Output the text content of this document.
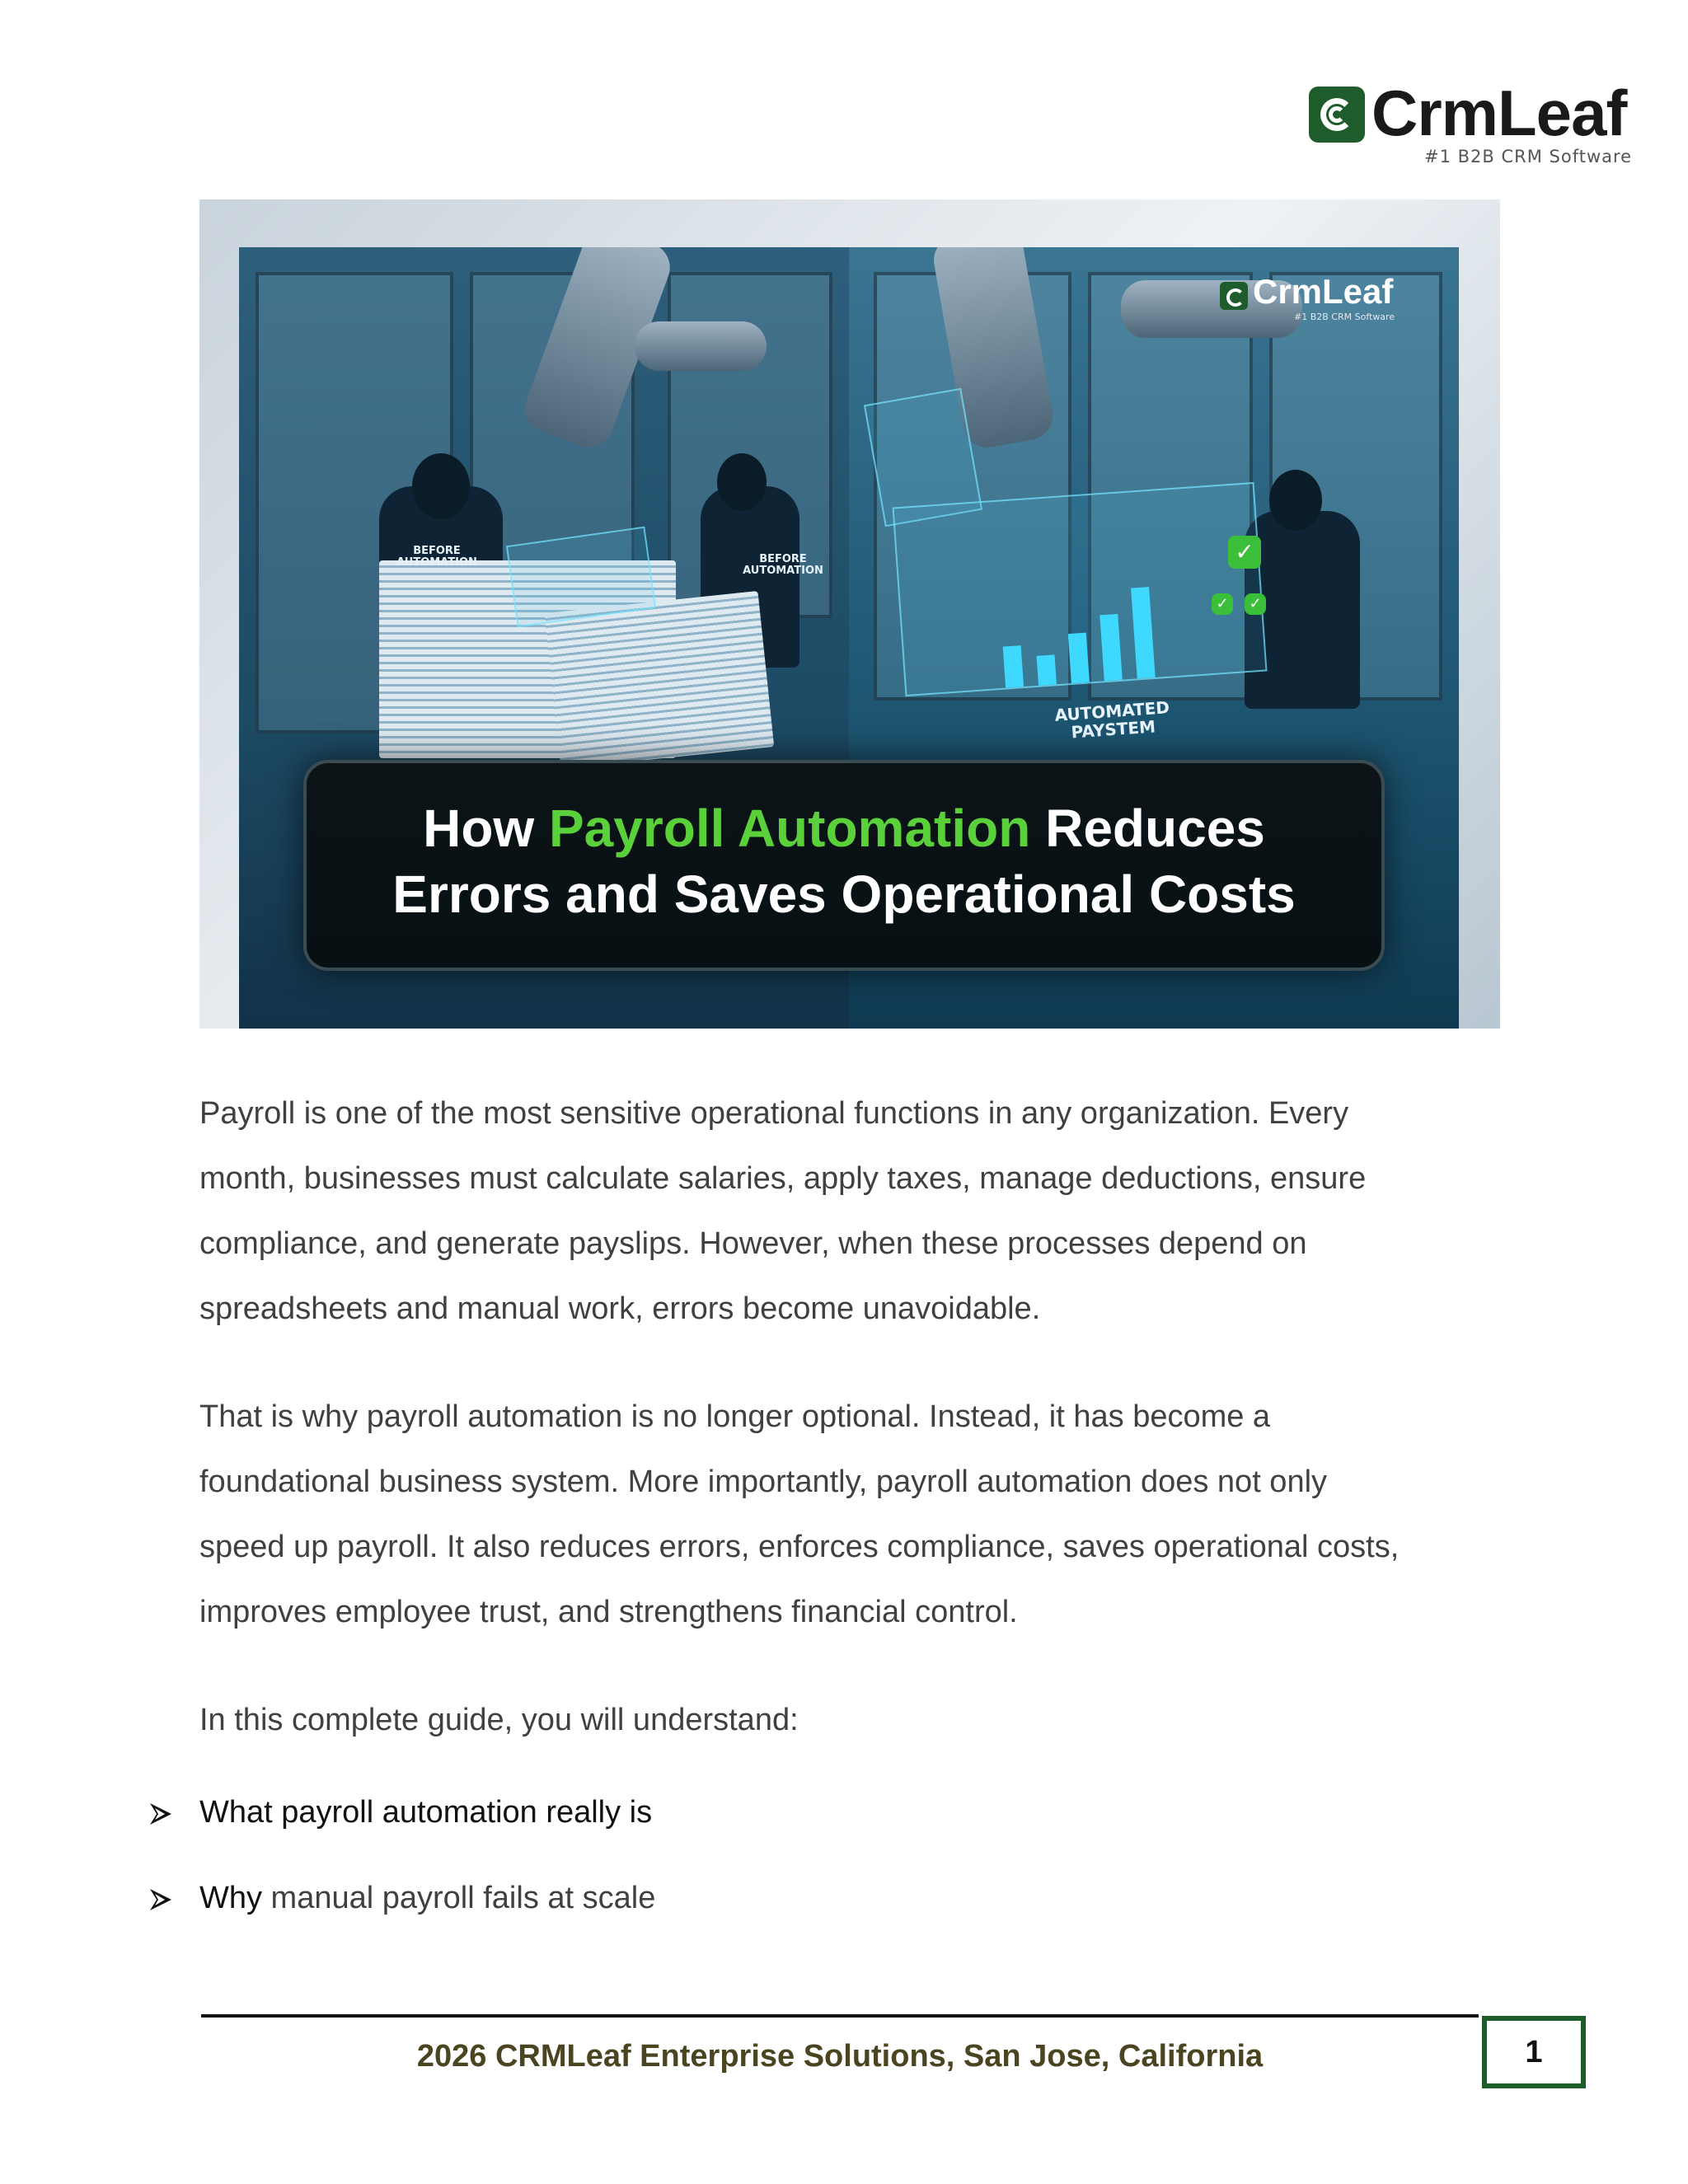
CrmLeaf
#1 B2B CRM Software
BEFORE
AUTOMATION	BEFORE
AUTOMATION
✓
✓	✓
AUTOMATED
PAYSTEM
CrmLeaf
#1 B2B CRM Software
How Payroll Automation Reduces
Errors and Saves Operational Costs
Payroll is one of the most sensitive operational functions in any organization. Every
month, businesses must calculate salaries, apply taxes, manage deductions, ensure
compliance, and generate payslips. However, when these processes depend on
spreadsheets and manual work, errors become unavoidable.
That is why payroll automation is no longer optional. Instead, it has become a
foundational business system. More importantly, payroll automation does not only
speed up payroll. It also reduces errors, enforces compliance, saves operational costs,
improves employee trust, and strengthens financial control.
In this complete guide, you will understand:
What payroll automation really is
Why manual payroll fails at scale
2026 CRMLeaf Enterprise Solutions, San Jose, California	1
